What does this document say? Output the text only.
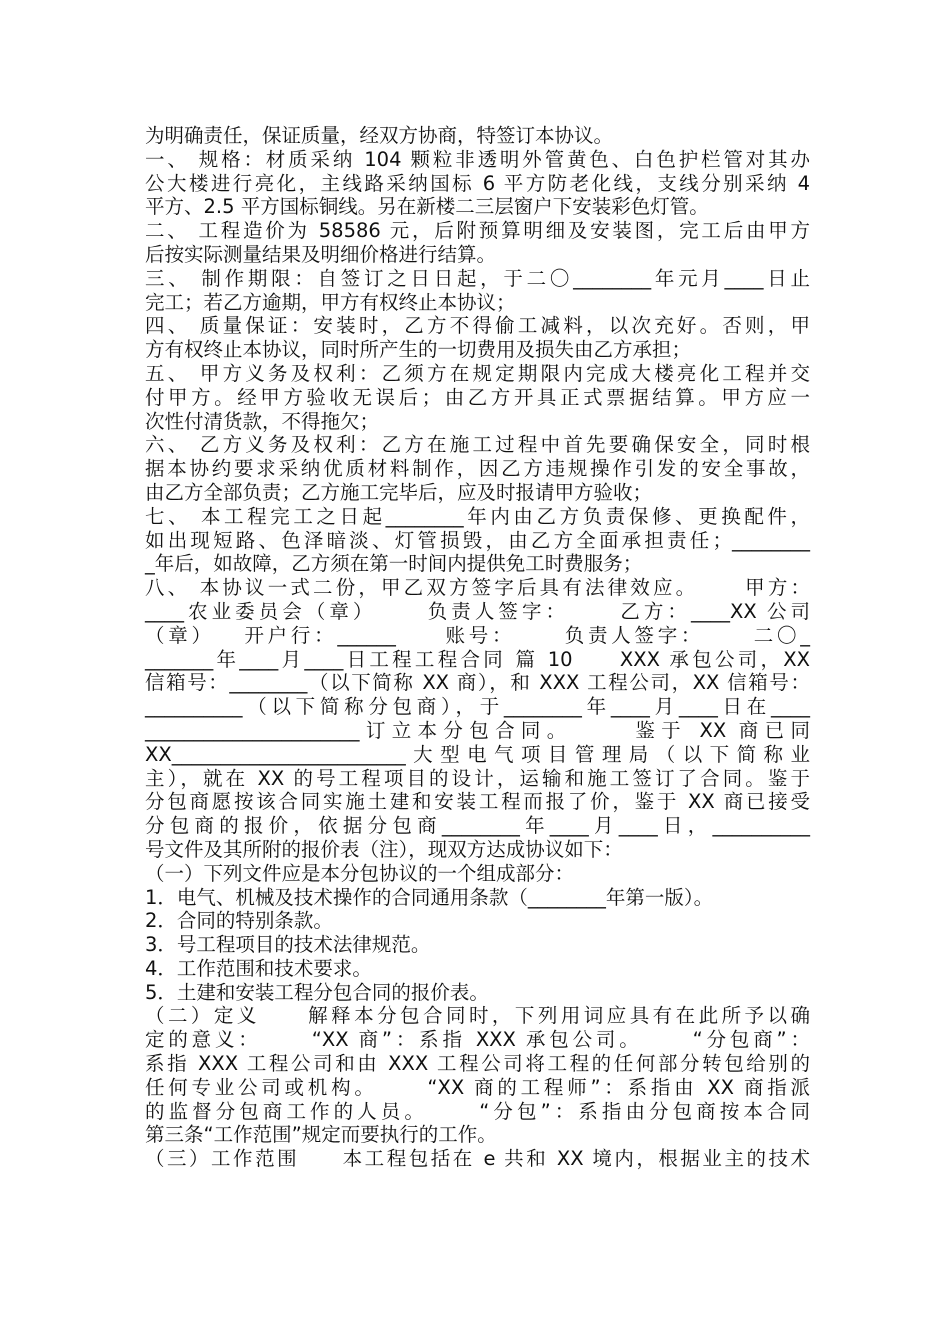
为明确责任，保证质量，经双方协商，特签订本协议。
一、 规格：材质采纳 104 颗粒非透明外管黄色、白色护栏管对其办
公大楼进行亮化，主线路采纳国标 6 平方防老化线，支线分别采纳 4
平方、2.5 平方国标铜线。另在新楼二三层窗户下安装彩色灯管。
二、 工程造价为 58586 元，后附预算明细及安装图，完工后由甲方
后按实际测量结果及明细价格进行结算。
三、 制作期限：自签订之日日起，于二〇________年元月____日止
完工；若乙方逾期，甲方有权终止本协议；
四、 质量保证：安装时，乙方不得偷工减料，以次充好。否则，甲
方有权终止本协议，同时所产生的一切费用及损失由乙方承担；
五、 甲方义务及权利：乙须方在规定期限内完成大楼亮化工程并交
付甲方。经甲方验收无误后；由乙方开具正式票据结算。甲方应一
次性付清货款，不得拖欠；
六、 乙方义务及权利：乙方在施工过程中首先要确保安全，同时根
据本协约要求采纳优质材料制作，因乙方违规操作引发的安全事故，
由乙方全部负责；乙方施工完毕后，应及时报请甲方验收；
七、 本工程完工之日起________年内由乙方负责保修、更换配件，
如出现短路、色泽暗淡、灯管损毁，由乙方全面承担责任；________
_年后，如故障，乙方须在第一时间内提供免工时费服务；
八、 本协议一式二份，甲乙双方签字后具有法律效应。     甲方：
____农业委员会（章）     负责人签字：     乙方：____XX 公司
（章）   开户行：______     账号：     负责人签字：     二〇_
_______年____月____日工程工程合同 篇 10     XXX 承包公司，XX
信箱号：________（以下简称 XX 商），和 XXX 工程公司，XX 信箱号：
__________（以下简称分包商），于________年____月____日在____
______________________订立本分包合同。     鉴于 XX 商已同
XX________________________大型电气项目管理局（以下简称业
主），就在 XX 的号工程项目的设计，运输和施工签订了合同。鉴于
分包商愿按该合同实施土建和安装工程而报了价，鉴于 XX 商已接受
分包商的报价，依据分包商________年____月____日，__________
号文件及其所附的报价表（注），现双方达成协议如下：
（一）下列文件应是本分包协议的一个组成部分：
1．电气、机械及技术操作的合同通用条款（________年第一版）。
2．合同的特别条款。
3．号工程项目的技术法律规范。
4．工作范围和技术要求。
5．土建和安装工程分包合同的报价表。
（二）定义     解释本分包合同时，下列用词应具有在此所予以确
定的意义：     “XX 商”：系指 XXX 承包公司。     “分包商”：
系指 XXX 工程公司和由 XXX 工程公司将工程的任何部分转包给别的
任何专业公司或机构。     “XX 商的工程师”：系指由 XX 商指派
的监督分包商工作的人员。     “分包”：系指由分包商按本合同
第三条“工作范围”规定而要执行的工作。
（三）工作范围     本工程包括在 e 共和 XX 境内，根据业主的技术
